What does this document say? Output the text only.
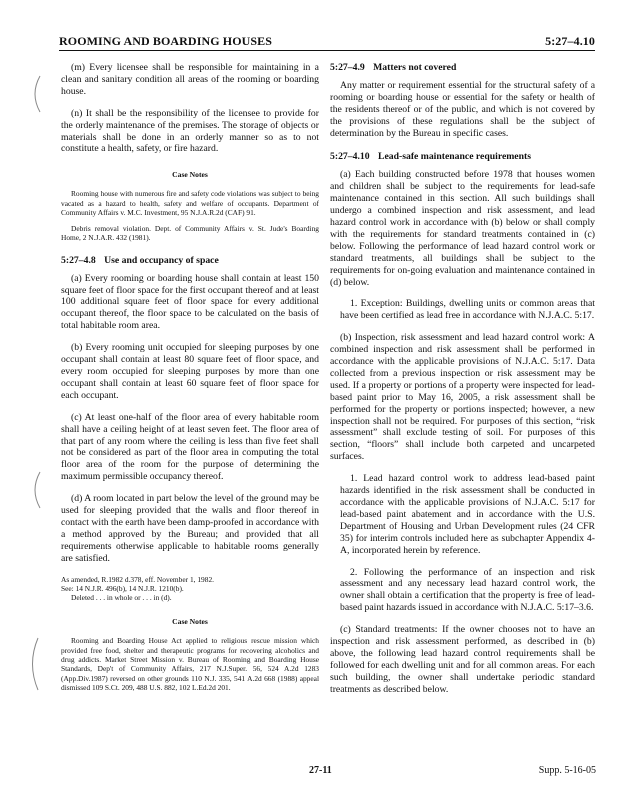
ROOMING AND BOARDING HOUSES	5:27–4.10

(m) Every licensee shall be responsible for maintaining in a clean and sanitary condition all areas of the rooming or boarding house.

(n) It shall be the responsibility of the licensee to provide for the orderly maintenance of the premises. The storage of objects or materials shall be done in an orderly manner so as to not constitute a health, safety, or fire hazard.

Case Notes
Rooming house with numerous fire and safety code violations was subject to being vacated as a hazard to health, safety and welfare of occupants. Department of Community Affairs v. M.C. Investment, 95 N.J.A.R.2d (CAF) 91.
Debris removal violation. Dept. of Community Affairs v. St. Jude's Boarding Home, 2 N.J.A.R. 432 (1981).
5:27–4.8 Use and occupancy of space

(a) Every rooming or boarding house shall contain at least 150 square feet of floor space for the first occupant thereof and at least 100 additional square feet of floor space for every additional occupant thereof, the floor space to be calculated on the basis of total habitable room area.

(b) Every rooming unit occupied for sleeping purposes by one occupant shall contain at least 80 square feet of floor space, and every room occupied for sleeping purposes by more than one occupant shall contain at least 60 square feet of floor space for each occupant.

(c) At least one-half of the floor area of every habitable room shall have a ceiling height of at least seven feet. The floor area of that part of any room where the ceiling is less than five feet shall not be considered as part of the floor area in computing the total floor area of the room for the purpose of determining the maximum permissible occupancy thereof.

(d) A room located in part below the level of the ground may be used for sleeping provided that the walls and floor thereof in contact with the earth have been damp-proofed in accordance with a method approved by the Bureau; and provided that all requirements otherwise applicable to habitable rooms generally are satisfied.

As amended, R.1982 d.378, eff. November 1, 1982.
See: 14 N.J.R. 496(b), 14 N.J.R. 1210(b).
Deleted . . . in whole or . . . in (d).
Case Notes
Rooming and Boarding House Act applied to religious rescue mission which provided free food, shelter and therapeutic programs for recovering alcoholics and drug addicts. Market Street Mission v. Bureau of Rooming and Boarding House Standards, Dep't of Community Affairs, 217 N.J.Super. 56, 524 A.2d 1283 (App.Div.1987) reversed on other grounds 110 N.J. 335, 541 A.2d 668 (1988) appeal dismissed 109 S.Ct. 209, 488 U.S. 882, 102 L.Ed.2d 201.
5:27–4.9 Matters not covered

Any matter or requirement essential for the structural safety of a rooming or boarding house or essential for the safety or health of the residents thereof or of the public, and which is not covered by the provisions of these regulations shall be the subject of determination by the Bureau in specific cases.

5:27–4.10 Lead-safe maintenance requirements

(a) Each building constructed before 1978 that houses women and children shall be subject to the requirements for lead-safe maintenance contained in this section. All such buildings shall undergo a combined inspection and risk assessment, and lead hazard control work in accordance with (b) below or shall comply with the requirements for standard treatments contained in (c) below. Following the performance of lead hazard control work or standard treatments, all buildings shall be subject to the requirements for on-going evaluation and maintenance contained in (d) below.

1. Exception: Buildings, dwelling units or common areas that have been certified as lead free in accordance with N.J.A.C. 5:17.

(b) Inspection, risk assessment and lead hazard control work: A combined inspection and risk assessment shall be performed in accordance with the applicable provisions of N.J.A.C. 5:17. Data collected from a previous inspection or risk assessment may be used. If a property or portions of a property were inspected for lead-based paint prior to May 16, 2005, a risk assessment shall be performed for the property or portions inspected; however, a new inspection shall not be required. For purposes of this section, “risk assessment” shall exclude testing of soil. For purposes of this section, “floors” shall include both carpeted and uncarpeted surfaces.

1. Lead hazard control work to address lead-based paint hazards identified in the risk assessment shall be conducted in accordance with the applicable provisions of N.J.A.C. 5:17 for lead-based paint abatement and in accordance with the U.S. Department of Housing and Urban Development rules (24 CFR 35) for interim controls included here as subchapter Appendix 4-A, incorporated herein by reference.

2. Following the performance of an inspection and risk assessment and any necessary lead hazard control work, the owner shall obtain a certification that the property is free of lead-based paint hazards issued in accordance with N.J.A.C. 5:17–3.6.

(c) Standard treatments: If the owner chooses not to have an inspection and risk assessment performed, as described in (b) above, the following lead hazard control requirements shall be followed for each dwelling unit and for all common areas. For each such building, the owner shall undertake periodic standard treatments as described below.

27-11	Supp. 5-16-05
